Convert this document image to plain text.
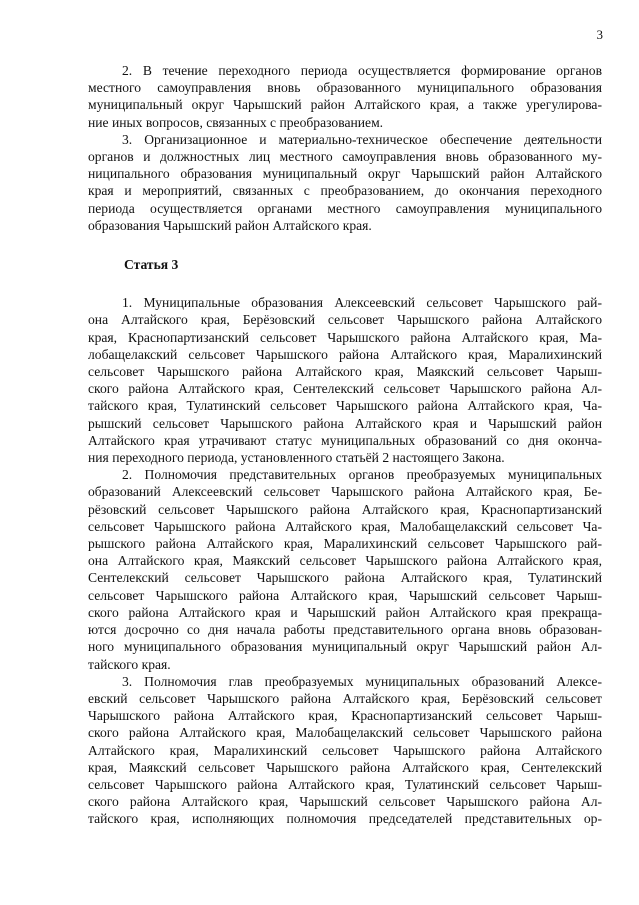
3

2. В течение переходного периода осуществляется формирование органов
местного самоуправления вновь образованного муниципального образования
муниципальный округ Чарышский район Алтайского края, а также урегулирова-
ние иных вопросов, связанных с преобразованием.

3. Организационное и материально-техническое обеспечение деятельности
органов и должностных лиц местного самоуправления вновь образованного му-
ниципального образования муниципальный округ Чарышский район Алтайского
края и мероприятий, связанных с преобразованием, до окончания переходного
периода осуществляется органами местного самоуправления муниципального
образования Чарышский район Алтайского края.

Статья 3

1. Муниципальные образования Алексеевский сельсовет Чарышского рай-
она Алтайского края, Берёзовский сельсовет Чарышского района Алтайского
края, Краснопартизанский сельсовет Чарышского района Алтайского края, Ма-
лобащелакский сельсовет Чарышского района Алтайского края, Маралихинский
сельсовет Чарышского района Алтайского края, Маякский сельсовет Чарыш-
ского района Алтайского края, Сентелекский сельсовет Чарышского района Ал-
тайского края, Тулатинский сельсовет Чарышского района Алтайского края, Ча-
рышский сельсовет Чарышского района Алтайского края и Чарышский район
Алтайского края утрачивают статус муниципальных образований со дня оконча-
ния переходного периода, установленного статьёй 2 настоящего Закона.

2. Полномочия представительных органов преобразуемых муниципальных
образований Алексеевский сельсовет Чарышского района Алтайского края, Бе-
рёзовский сельсовет Чарышского района Алтайского края, Краснопартизанский
сельсовет Чарышского района Алтайского края, Малобащелакский сельсовет Ча-
рышского района Алтайского края, Маралихинский сельсовет Чарышского рай-
она Алтайского края, Маякский сельсовет Чарышского района Алтайского края,
Сентелекский сельсовет Чарышского района Алтайского края, Тулатинский
сельсовет Чарышского района Алтайского края, Чарышский сельсовет Чарыш-
ского района Алтайского края и Чарышский район Алтайского края прекраща-
ются досрочно со дня начала работы представительного органа вновь образован-
ного муниципального образования муниципальный округ Чарышский район Ал-
тайского края.

3. Полномочия глав преобразуемых муниципальных образований Алексе-
евский сельсовет Чарышского района Алтайского края, Берёзовский сельсовет
Чарышского района Алтайского края, Краснопартизанский сельсовет Чарыш-
ского района Алтайского края, Малобащелакский сельсовет Чарышского района
Алтайского края, Маралихинский сельсовет Чарышского района Алтайского
края, Маякский сельсовет Чарышского района Алтайского края, Сентелекский
сельсовет Чарышского района Алтайского края, Тулатинский сельсовет Чарыш-
ского района Алтайского края, Чарышский сельсовет Чарышского района Ал-
тайского края, исполняющих полномочия председателей представительных ор-
